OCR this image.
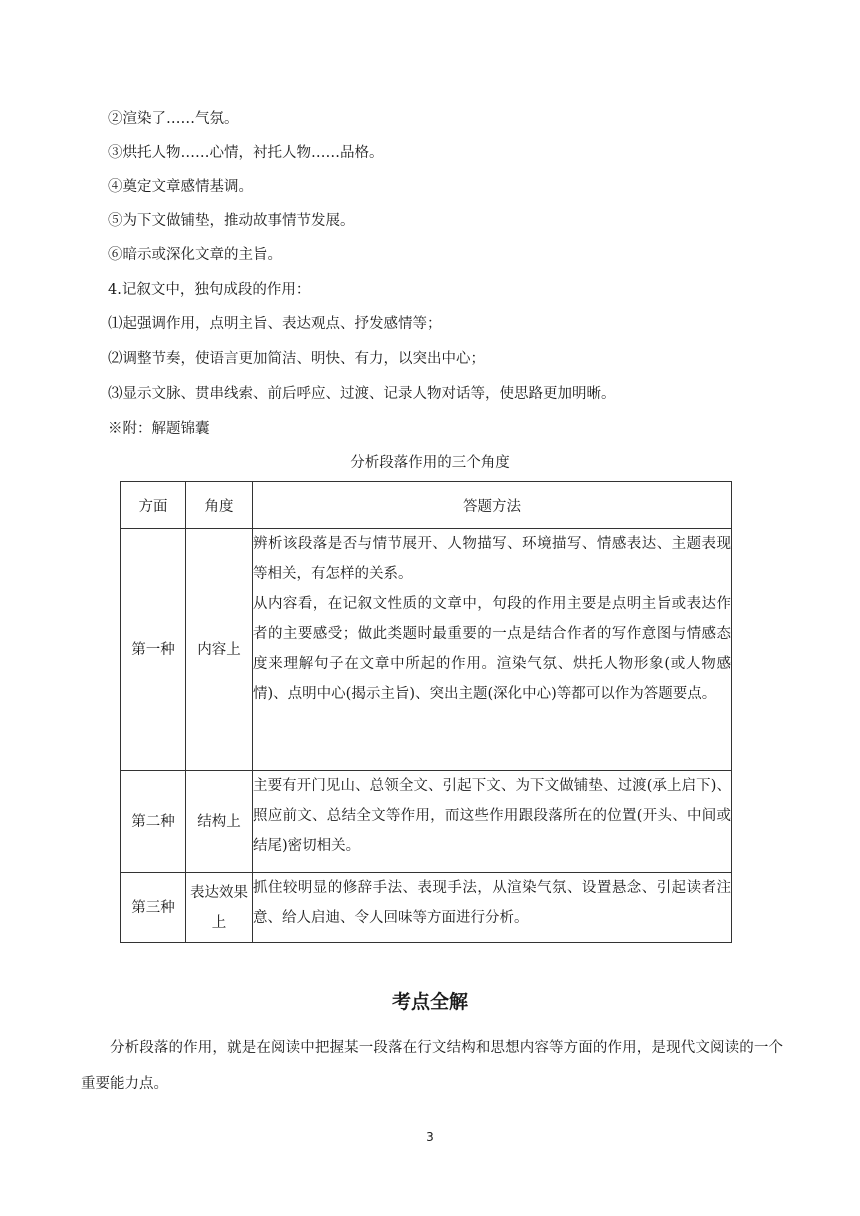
②渲染了……气氛。
③烘托人物……心情，衬托人物……品格。
④奠定文章感情基调。
⑤为下文做铺垫，推动故事情节发展。
⑥暗示或深化文章的主旨。
4.记叙文中，独句成段的作用：
⑴起强调作用，点明主旨、表达观点、抒发感情等；
⑵调整节奏，使语言更加简洁、明快、有力，以突出中心；
⑶显示文脉、贯串线索、前后呼应、过渡、记录人物对话等，使思路更加明晰。
※附：解题锦囊
分析段落作用的三个角度
方面	角度	答题方法
第一种	内容上	辨析该段落是否与情节展开、人物描写、环境描写、情感表达、主题表现等相关，有怎样的关系。

从内容看，在记叙文性质的文章中，句段的作用主要是点明主旨或表达作者的主要感受；做此类题时最重要的一点是结合作者的写作意图与情感态度来理解句子在文章中所起的作用。渲染气氛、烘托人物形象(或人物感情)、点明中心(揭示主旨)、突出主题(深化中心)等都可以作为答题要点。

第二种	结构上	主要有开门见山、总领全文、引起下文、为下文做铺垫、过渡(承上启下)、照应前文、总结全文等作用，而这些作用跟段落所在的位置(开头、中间或结尾)密切相关。

第三种	表达效果上	抓住较明显的修辞手法、表现手法，从渲染气氛、设置悬念、引起读者注意、给人启迪、令人回味等方面进行分析。

考点全解

分析段落的作用，就是在阅读中把握某一段落在行文结构和思想内容等方面的作用，是现代文阅读的一个重要能力点。

3
